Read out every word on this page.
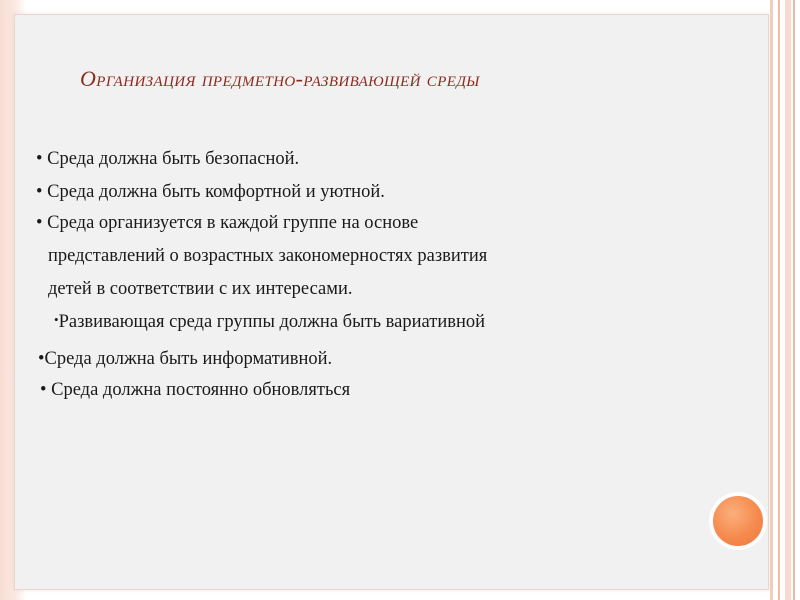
Организация предметно-развивающей среды
• Среда должна быть безопасной.
• Среда должна быть комфортной и уютной.
• Среда организуется в каждой группе на основе
представлений о возрастных закономерностях развития
детей в соответствии с их интересами.
•Развивающая среда группы должна быть вариативной
•Среда должна быть информативной.
• Среда должна постоянно обновляться
